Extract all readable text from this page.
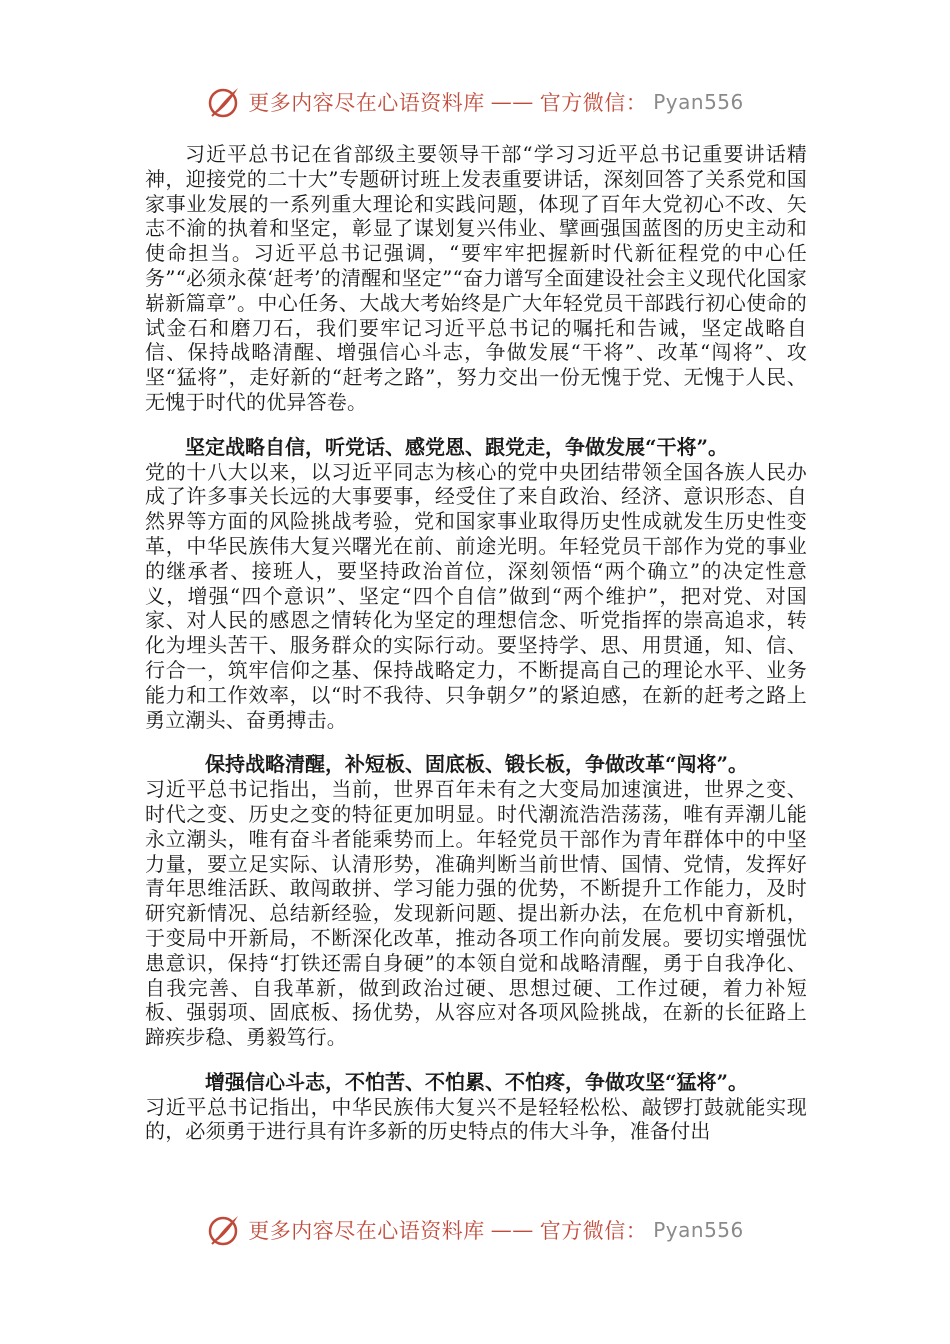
更多内容尽在心语资料库 —— 官方微信： Pyan556

习近平总书记在省部级主要领导干部“学习习近平总书记重要讲话精神，迎接党的二十大”专题研讨班上发表重要讲话，深刻回答了关系党和国家事业发展的一系列重大理论和实践问题，体现了百年大党初心不改、矢志不渝的执着和坚定，彰显了谋划复兴伟业、擘画强国蓝图的历史主动和使命担当。习近平总书记强调，“要牢牢把握新时代新征程党的中心任务”“必须永葆‘赶考’的清醒和坚定”“奋力谱写全面建设社会主义现代化国家崭新篇章”。中心任务、大战大考始终是广大年轻党员干部践行初心使命的试金石和磨刀石，我们要牢记习近平总书记的嘱托和告诫，坚定战略自信、保持战略清醒、增强信心斗志，争做发展“干将”、改革“闯将”、攻坚“猛将”，走好新的“赶考之路”，努力交出一份无愧于党、无愧于人民、无愧于时代的优异答卷。

坚定战略自信，听党话、感党恩、跟党走，争做发展“干将”。

党的十八大以来，以习近平同志为核心的党中央团结带领全国各族人民办成了许多事关长远的大事要事，经受住了来自政治、经济、意识形态、自然界等方面的风险挑战考验，党和国家事业取得历史性成就发生历史性变革，中华民族伟大复兴曙光在前、前途光明。年轻党员干部作为党的事业的继承者、接班人，要坚持政治首位，深刻领悟“两个确立”的决定性意义，增强“四个意识”、坚定“四个自信”做到“两个维护”，把对党、对国家、对人民的感恩之情转化为坚定的理想信念、听党指挥的崇高追求，转化为埋头苦干、服务群众的实际行动。要坚持学、思、用贯通，知、信、行合一，筑牢信仰之基、保持战略定力，不断提高自己的理论水平、业务能力和工作效率，以“时不我待、只争朝夕”的紧迫感，在新的赶考之路上勇立潮头、奋勇搏击。

保持战略清醒，补短板、固底板、锻长板，争做改革“闯将”。

习近平总书记指出，当前，世界百年未有之大变局加速演进，世界之变、时代之变、历史之变的特征更加明显。时代潮流浩浩荡荡，唯有弄潮儿能永立潮头，唯有奋斗者能乘势而上。年轻党员干部作为青年群体中的中坚力量，要立足实际、认清形势，准确判断当前世情、国情、党情，发挥好青年思维活跃、敢闯敢拼、学习能力强的优势，不断提升工作能力，及时研究新情况、总结新经验，发现新问题、提出新办法，在危机中育新机，于变局中开新局，不断深化改革，推动各项工作向前发展。要切实增强忧患意识，保持“打铁还需自身硬”的本领自觉和战略清醒，勇于自我净化、自我完善、自我革新，做到政治过硬、思想过硬、工作过硬，着力补短板、强弱项、固底板、扬优势，从容应对各项风险挑战，在新的长征路上蹄疾步稳、勇毅笃行。

增强信心斗志，不怕苦、不怕累、不怕疼，争做攻坚“猛将”。

习近平总书记指出，中华民族伟大复兴不是轻轻松松、敲锣打鼓就能实现的，必须勇于进行具有许多新的历史特点的伟大斗争，准备付出

更多内容尽在心语资料库 —— 官方微信： Pyan556
